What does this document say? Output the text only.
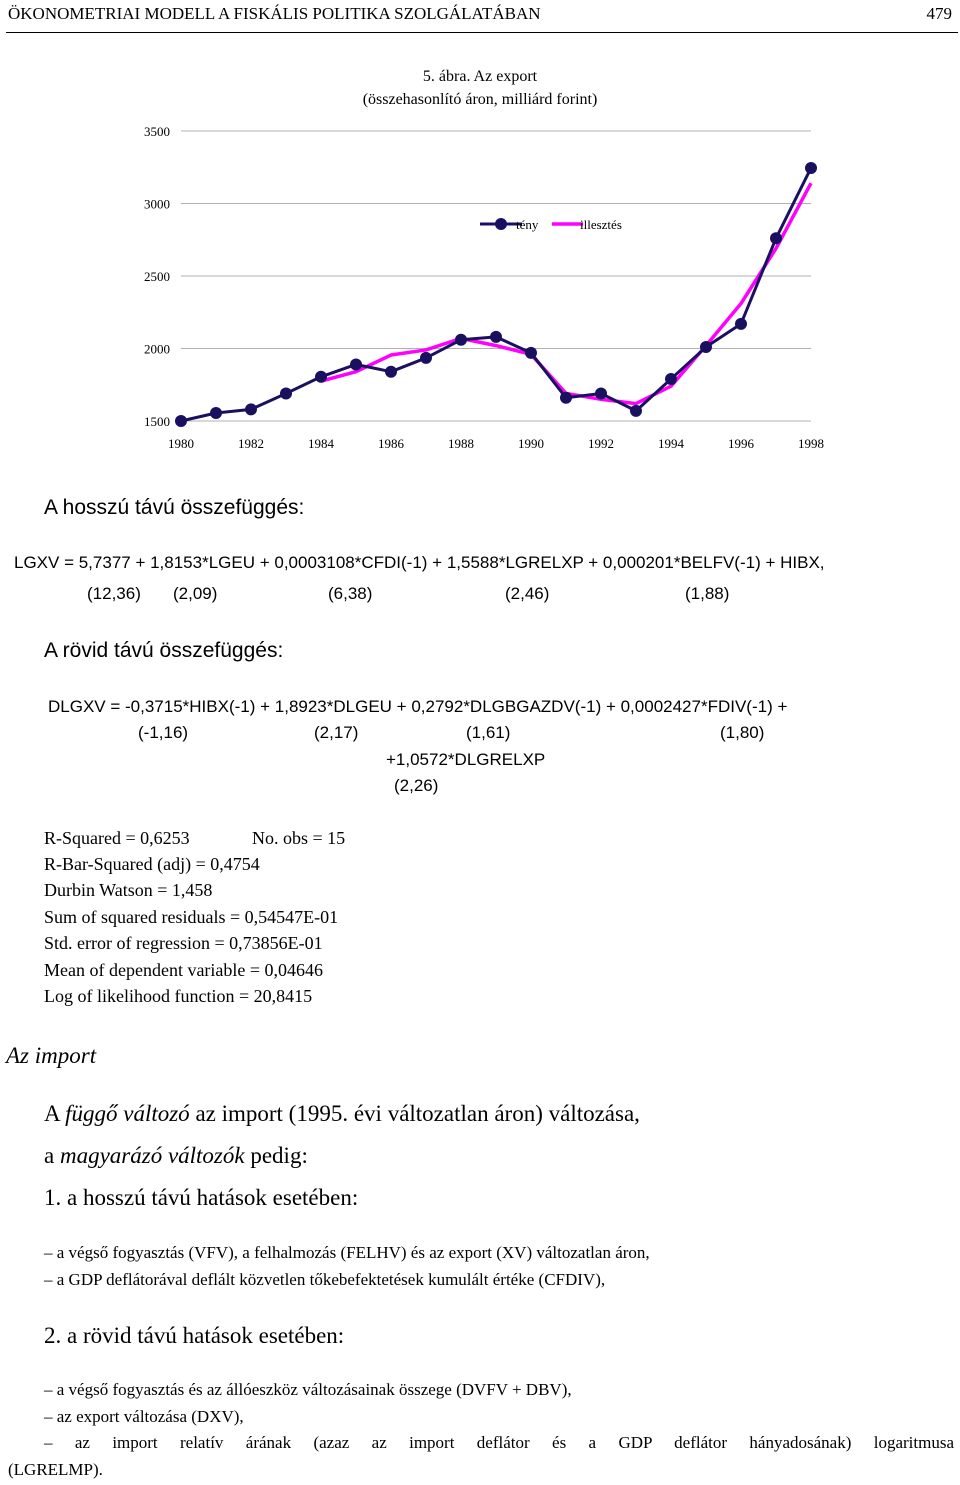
ÖKONOMETRIAI MODELL A FISKÁLIS POLITIKA SZOLGÁLATÁBAN	479
5. ábra. Az export
(összehasonlító áron, milliárd forint)
1500
2000
2500
3000
3500
1980	1982	1984	1986	1988	1990	1992	1994	1996	1998
tény	illesztés
A hosszú távú összefüggés:
LGXV = 5,7377 + 1,8153*LGEU + 0,0003108*CFDI(-1) + 1,5588*LGRELXP + 0,000201*BELFV(-1) + HIBX,
(12,36) (2,09)	(6,38)	(2,46)	(1,88)
A rövid távú összefüggés:
DLGXV = -0,3715*HIBX(-1) + 1,8923*DLGEU + 0,2792*DLGBGAZDV(-1) + 0,0002427*FDIV(-1) +
(-1,16)	(2,17)	(1,61)	(1,80)
+1,0572*DLGRELXP
(2,26)
R-Squared = 0,6253	No. obs = 15
R-Bar-Squared (adj) = 0,4754
Durbin Watson = 1,458
Sum of squared residuals = 0,54547E-01
Std. error of regression = 0,73856E-01
Mean of dependent variable = 0,04646
Log of likelihood function = 20,8415
Az import
A függő változó az import (1995. évi változatlan áron) változása,
a magyarázó változók pedig:
1. a hosszú távú hatások esetében:
– a végső fogyasztás (VFV), a felhalmozás (FELHV) és az export (XV) változatlan áron,
– a GDP deflátorával deflált közvetlen tőkebefektetések kumulált értéke (CFDIV),
2. a rövid távú hatások esetében:
– a végső fogyasztás és az állóeszköz változásainak összege (DVFV + DBV),
– az export változása (DXV),
– az import relatív árának (azaz az import deflátor és a GDP deflátor hányadosának) logaritmusa
(LGRELMP).
